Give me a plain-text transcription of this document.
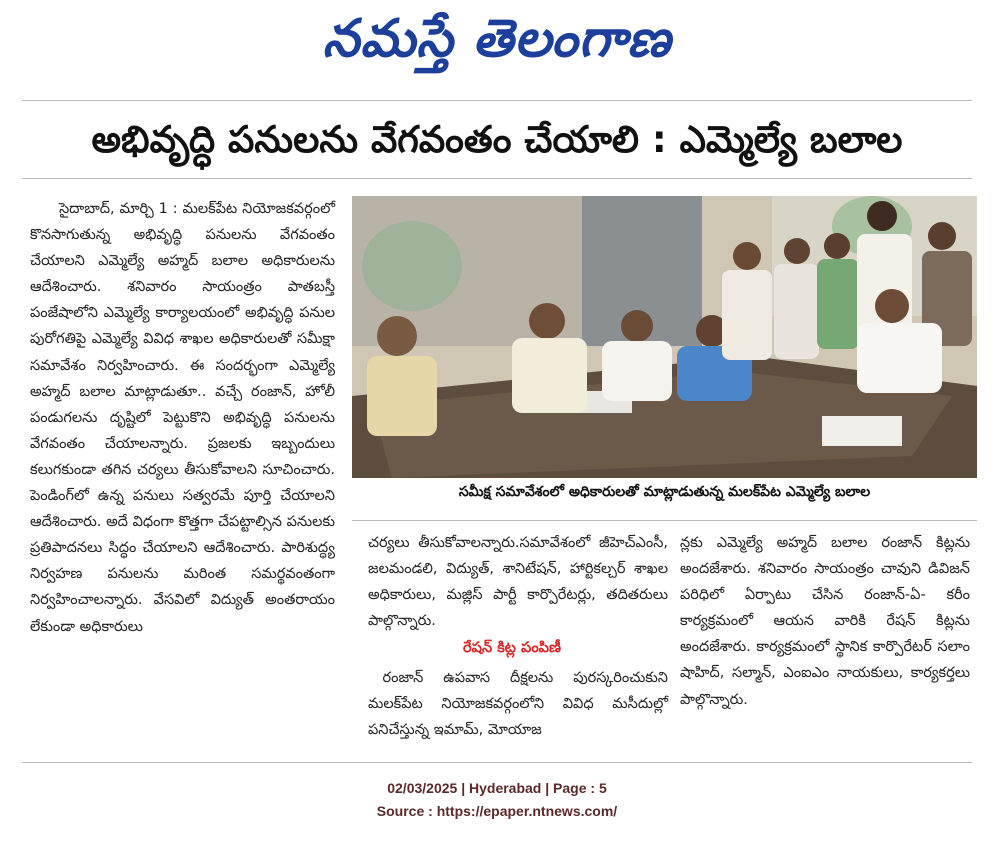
నమస్తే తెలంగాణ
అభివృద్ధి పనులను వేగవంతం చేయాలి : ఎమ్మెల్యే బలాల

సైదాబాద్, మార్చి 1 : మలక్‌పేట నియోజకవర్గంలో కొనసాగుతున్న అభివృద్ధి పనులను వేగవంతం చేయాలని ఎమ్మెల్యే అహ్మద్ బలాల అధికారులను ఆదేశించారు. శనివారం సాయంత్రం పాతబస్తీ పంజేషాలోని ఎమ్మెల్యే కార్యాలయంలో అభివృద్ధి పనుల పురోగతిపై ఎమ్మెల్యే వివిధ శాఖల అధికారులతో సమీక్షా సమావేశం నిర్వహించారు. ఈ సందర్భంగా ఎమ్మెల్యే అహ్మద్ బలాల మాట్లాడుతూ.. వచ్చే రంజాన్, హోలీ పండుగలను దృష్టిలో పెట్టుకొని అభివృద్ధి పనులను వేగవంతం చేయాలన్నారు. ప్రజలకు ఇబ్బందులు కలుగకుండా తగిన చర్యలు తీసుకోవాలని సూచించారు. పెండింగ్‌లో ఉన్న పనులు సత్వరమే పూర్తి చేయాలని ఆదేశించారు. అదే విధంగా కొత్తగా చేపట్టాల్సిన పనులకు ప్రతిపాదనలు సిద్ధం చేయాలని ఆదేశించారు. పారిశుద్ధ్య నిర్వహణ పనులను మరింత సమర్థవంతంగా నిర్వహించాలన్నారు. వేసవిలో విద్యుత్ అంతరాయం లేకుండా అధికారులు

సమీక్ష సమావేశంలో అధికారులతో మాట్లాడుతున్న మలక్‌పేట ఎమ్మెల్యే బలాల

చర్యలు తీసుకోవాలన్నారు.సమావేశంలో జీహెచ్‌ఎంసీ, జలమండలి, విద్యుత్, శానిటేషన్, హార్టికల్చర్ శాఖల అధికారులు, మజ్లిస్ పార్టీ కార్పొరేటర్లు, తదితరులు పాల్గొన్నారు.

రేషన్ కిట్ల పంపిణీ

రంజాన్ ఉపవాస దీక్షలను పురస్కరించుకుని మలక్‌పేట నియోజకవర్గంలోని వివిధ మసీదుల్లో పనిచేస్తున్న ఇమామ్, మోయాజ

న్లకు ఎమ్మెల్యే అహ్మద్ బలాల రంజాన్ కిట్లను అందజేశారు. శనివారం సాయంత్రం చావుని డివిజన్ పరిధిలో ఏర్పాటు చేసిన రంజాన్-ఏ- కరీం కార్యక్రమంలో ఆయన వారికి రేషన్ కిట్లను అందజేశారు. కార్యక్రమంలో స్థానిక కార్పొరేటర్ సలాం షాహిద్, సల్మాన్, ఎంఐఎం నాయకులు, కార్యకర్తలు పాల్గొన్నారు.

02/03/2025 | Hyderabad | Page : 5
Source : https://epaper.ntnews.com/
